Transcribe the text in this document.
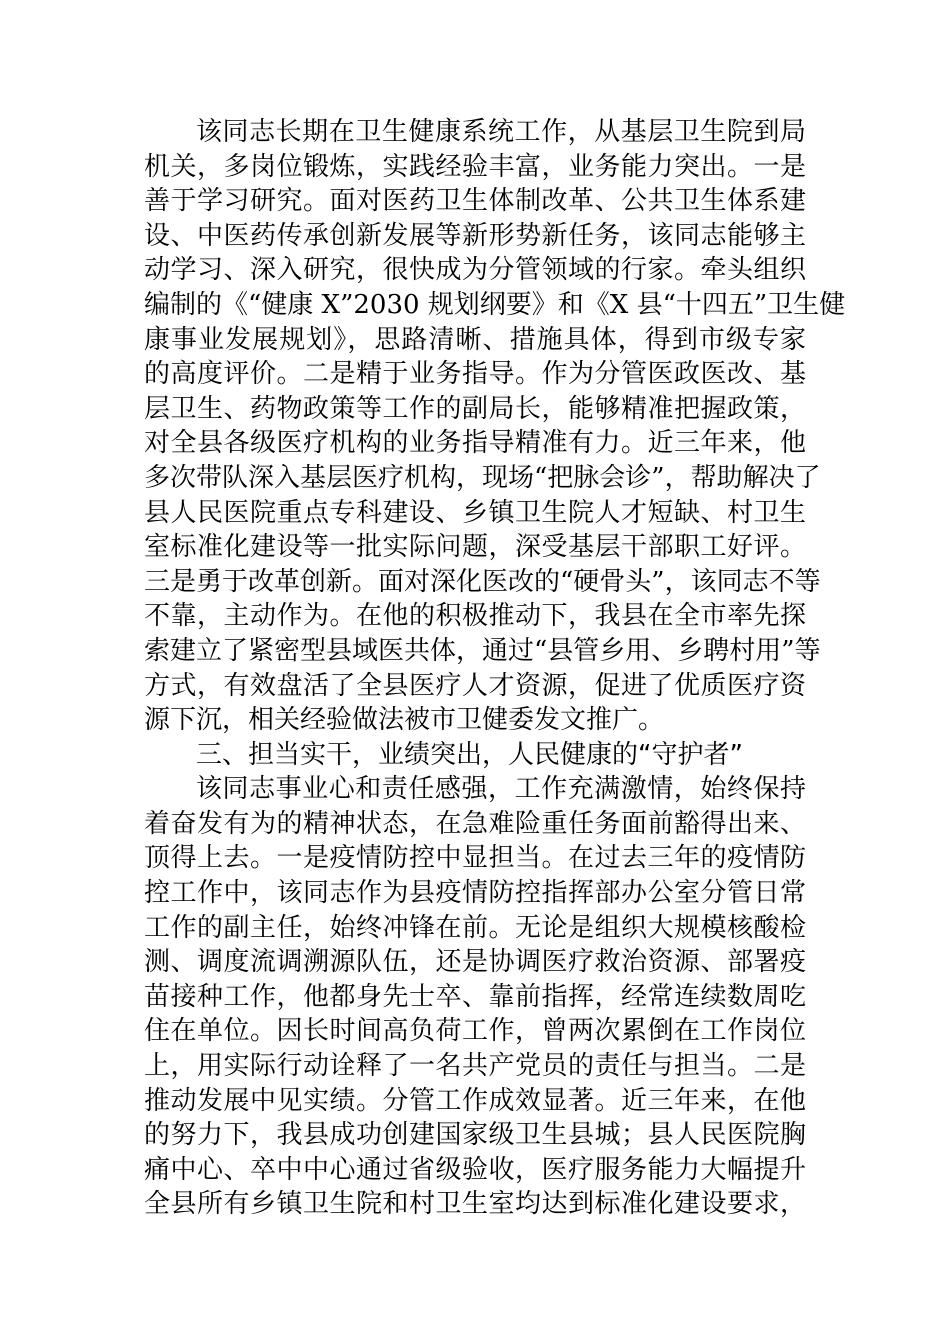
该同志长期在卫生健康系统工作，从基层卫生院到局
机关，多岗位锻炼，实践经验丰富，业务能力突出。一是
善于学习研究。面对医药卫生体制改革、公共卫生体系建
设、中医药传承创新发展等新形势新任务，该同志能够主
动学习、深入研究，很快成为分管领域的行家。牵头组织
编制的《“健康 X”2030 规划纲要》和《X 县“十四五”卫生健
康事业发展规划》，思路清晰、措施具体，得到市级专家
的高度评价。二是精于业务指导。作为分管医政医改、基
层卫生、药物政策等工作的副局长，能够精准把握政策，
对全县各级医疗机构的业务指导精准有力。近三年来，他
多次带队深入基层医疗机构，现场“把脉会诊”，帮助解决了
县人民医院重点专科建设、乡镇卫生院人才短缺、村卫生
室标准化建设等一批实际问题，深受基层干部职工好评。
三是勇于改革创新。面对深化医改的“硬骨头”，该同志不等
不靠，主动作为。在他的积极推动下，我县在全市率先探
索建立了紧密型县域医共体，通过“县管乡用、乡聘村用”等
方式，有效盘活了全县医疗人才资源，促进了优质医疗资
源下沉，相关经验做法被市卫健委发文推广。
三、担当实干，业绩突出，人民健康的“守护者”
该同志事业心和责任感强，工作充满激情，始终保持
着奋发有为的精神状态，在急难险重任务面前豁得出来、
顶得上去。一是疫情防控中显担当。在过去三年的疫情防
控工作中，该同志作为县疫情防控指挥部办公室分管日常
工作的副主任，始终冲锋在前。无论是组织大规模核酸检
测、调度流调溯源队伍，还是协调医疗救治资源、部署疫
苗接种工作，他都身先士卒、靠前指挥，经常连续数周吃
住在单位。因长时间高负荷工作，曾两次累倒在工作岗位
上，用实际行动诠释了一名共产党员的责任与担当。二是
推动发展中见实绩。分管工作成效显著。近三年来，在他
的努力下，我县成功创建国家级卫生县城；县人民医院胸
痛中心、卒中中心通过省级验收，医疗服务能力大幅提升
全县所有乡镇卫生院和村卫生室均达到标准化建设要求，
